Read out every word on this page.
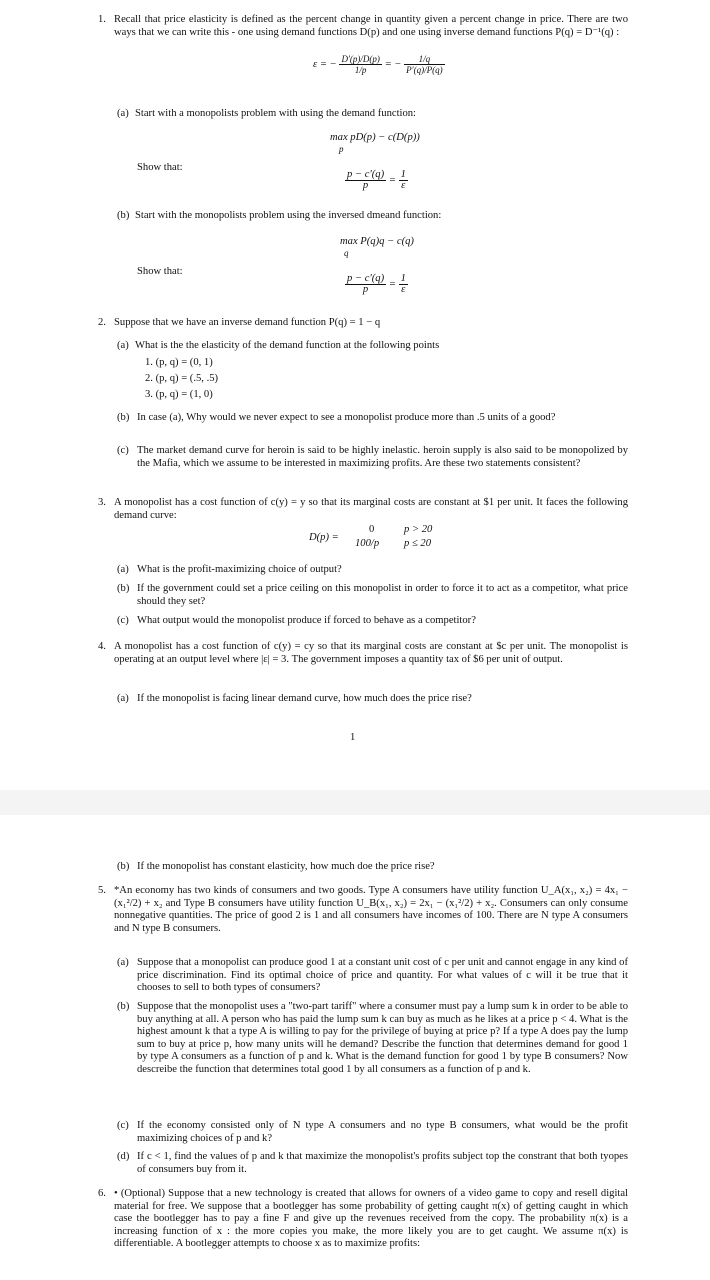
1. Recall that price elasticity is defined as the percent change in quantity given a percent change in price. There are two ways that we can write this - one using demand functions D(p) and one using inverse demand functions P(q) = D⁻¹(q) :
ε = − $\frac{D'(p)/D(p)}{1/p}$ = − $\frac{1/q}{P'(q)/P(q)}$
(a) Start with a monopolists problem with using the demand function:
max pD(p) − c(D(p))
p
Show that:
$\frac{p - c'(q)}{p} = \frac{1}{\varepsilon}$
(b) Start with the monopolists problem using the inversed dmeand function:
max P(q)q − c(q)
q
Show that:
$\frac{p - c'(q)}{p} = \frac{1}{\varepsilon}$
2. Suppose that we have an inverse demand function P(q) = 1 − q
(a) What is the the elasticity of the demand function at the following points
1. (p, q) = (0, 1)
2. (p, q) = (.5, .5)
3. (p, q) = (1, 0)
(b) In case (a), Why would we never expect to see a monopolist produce more than .5 units of a good?
(c) The market demand curve for heroin is said to be highly inelastic. heroin supply is also said to be monopolized by the Mafia, which we assume to be interested in maximizing profits. Are these two statements consistent?
3. A monopolist has a cost function of c(y) = y so that its marginal costs are constant at $1 per unit. It faces the following demand curve:
D(p) =
0	p > 20
100/p p ≤ 20
(a) What is the profit-maximizing choice of output?
(b) If the government could set a price ceiling on this monopolist in order to force it to act as a competitor, what price should they set?
(c) What output would the monopolist produce if forced to behave as a competitor?
4. A monopolist has a cost function of c(y) = cy so that its marginal costs are constant at $c per unit. The monopolist is operating at an output level where |ε| = 3. The government imposes a quantity tax of $6 per unit of output.
(a) If the monopolist is facing linear demand curve, how much does the price rise?
1
(b) If the monopolist has constant elasticity, how much doe the price rise?
5. *An economy has two kinds of consumers and two goods. Type A consumers have utility function U_A(x₁, x₂) = 4x₁ − (x₁²/2) + x₂ and Type B consumers have utility function U_B(x₁, x₂) = 2x₁ − (x₁²/2) + x₂. Consumers can only consume nonnegative quantities. The price of good 2 is 1 and all consumers have incomes of 100. There are N type A consumers and N type B consumers.
(a) Suppose that a monopolist can produce good 1 at a constant unit cost of c per unit and cannot engage in any kind of price discrimination. Find its optimal choice of price and quantity. For what values of c will it be true that it chooses to sell to both types of consumers?
(b) Suppose that the monopolist uses a "two-part tariff" where a consumer must pay a lump sum k in order to be able to buy anything at all. A person who has paid the lump sum k can buy as much as he likes at a price p < 4. What is the highest amount k that a type A is willing to pay for the privilege of buying at price p? If a type A does pay the lump sum to buy at price p, how many units will he demand? Describe the function that determines demand for good 1 by type A consumers as a function of p and k. What is the demand function for good 1 by type B consumers? Now descreibe the function that determines total good 1 by all consumers as a function of p and k.
(c) If the economy consisted only of N type A consumers and no type B consumers, what would be the profit maximizing choices of p and k?
(d) If c < 1, find the values of p and k that maximize the monopolist's profits subject top the constrant that both tyopes of consumers buy from it.
6. • (Optional) Suppose that a new technology is created that allows for owners of a video game to copy and resell digital material for free. We suppose that a bootlegger has some probability of getting caught π(x) of getting caught in which case the bootlegger has to pay a fine F and give up the revenues received from the copy. The probability π(x) is a increasing function of x : the more copies you make, the more likely you are to get caught. We assume π(x) is differentiable. A bootlegger attempts to choose x as to maximize profits:
